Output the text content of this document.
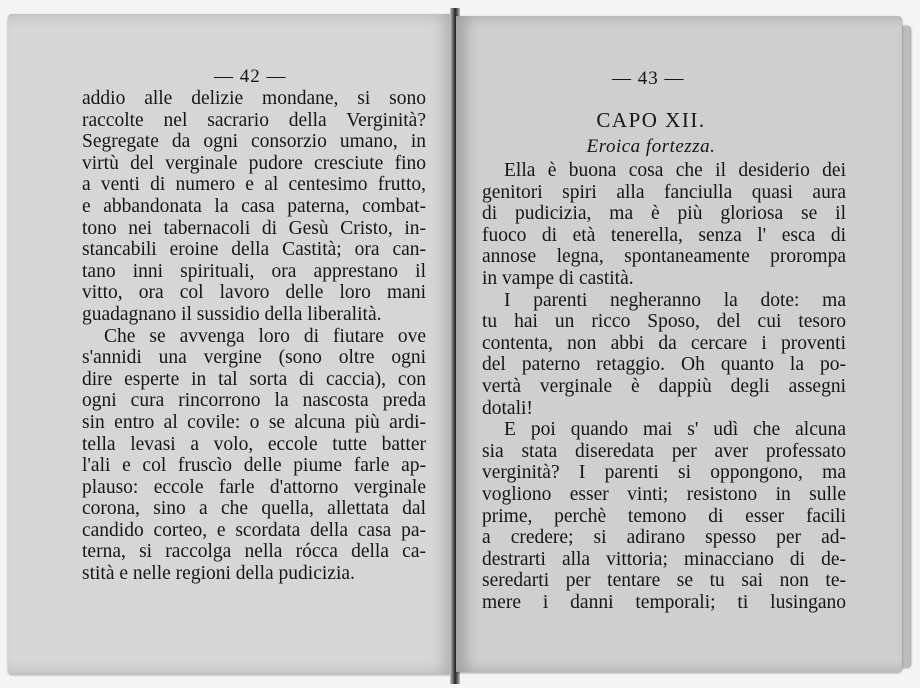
— 42 —
addio alle delizie mondane, si sono
raccolte nel sacrario della Verginità?
Segregate da ogni consorzio umano, in
virtù del verginale pudore cresciute fino
a venti di numero e al centesimo frutto,
e abbandonata la casa paterna, combat-
tono nei tabernacoli di Gesù Cristo, in-
stancabili eroine della Castità; ora can-
tano inni spirituali, ora apprestano il
vitto, ora col lavoro delle loro mani
guadagnano il sussidio della liberalità.
Che se avvenga loro di fiutare ove
s'annidi una vergine (sono oltre ogni
dire esperte in tal sorta di caccia), con
ogni cura rincorrono la nascosta preda
sin entro al covile: o se alcuna più ardi-
tella levasi a volo, eccole tutte batter
l'ali e col fruscìo delle piume farle ap-
plauso: eccole farle d'attorno verginale
corona, sino a che quella, allettata dal
candido corteo, e scordata della casa pa-
terna, si raccolga nella rócca della ca-
stità e nelle regioni della pudicizia.
— 43 —
CAPO XII.
Eroica fortezza.
Ella è buona cosa che il desiderio dei
genitori spiri alla fanciulla quasi aura
di pudicizia, ma è più gloriosa se il
fuoco di età tenerella, senza l' esca di
annose legna, spontaneamente prorompa
in vampe di castità.
I parenti negheranno la dote: ma
tu hai un ricco Sposo, del cui tesoro
contenta, non abbi da cercare i proventi
del paterno retaggio. Oh quanto la po-
vertà verginale è dappiù degli assegni
dotali!
E poi quando mai s' udì che alcuna
sia stata diseredata per aver professato
verginità? I parenti si oppongono, ma
vogliono esser vinti; resistono in sulle
prime, perchè temono di esser facili
a credere; si adirano spesso per ad-
destrarti alla vittoria; minacciano di de-
seredarti per tentare se tu sai non te-
mere i danni temporali; ti lusingano
